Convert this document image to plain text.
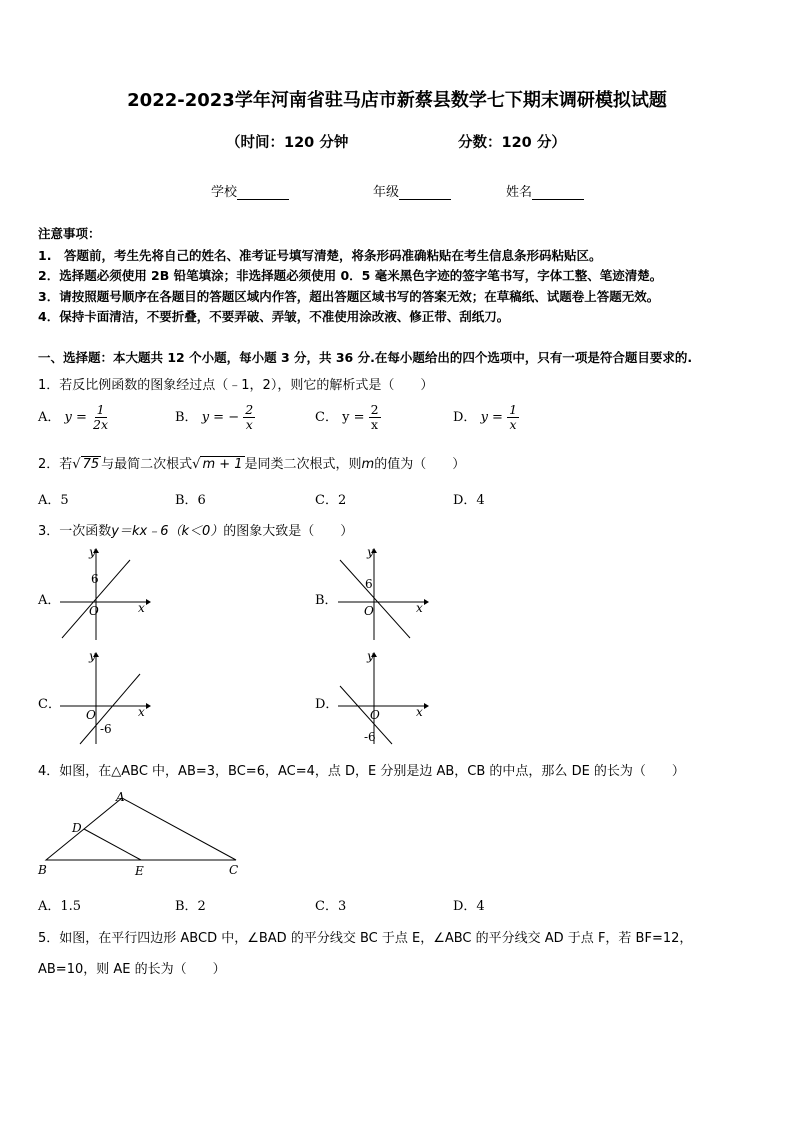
2022-2023学年河南省驻马店市新蔡县数学七下期末调研模拟试题
（时间：120 分钟	分数：120 分）
学校	年级	姓名
注意事项：
1.　答题前，考生先将自己的姓名、准考证号填写清楚，将条形码准确粘贴在考生信息条形码粘贴区。
2．选择题必须使用 2B 铅笔填涂；非选择题必须使用 0．5 毫米黑色字迹的签字笔书写，字体工整、笔迹清楚。
3．请按照题号顺序在各题目的答题区域内作答，超出答题区域书写的答案无效；在草稿纸、试题卷上答题无效。
4．保持卡面清洁，不要折叠，不要弄破、弄皱，不准使用涂改液、修正带、刮纸刀。
一、选择题：本大题共 12 个小题，每小题 3 分，共 36 分.在每小题给出的四个选项中，只有一项是符合题目要求的.
1．若反比例函数的图象经过点（﹣1，2），则它的解析式是（　　）
A． $y = \frac{1}{2x}$	B． y = − $\frac{2}{x}$	C． $y = \frac{2}{x}$	D． $y = \frac{1}{x}$
2．若√ 75 与最简二次根式√ m + 1 是同类二次根式，则m的值为（　　）
A．5	B．6	C．2	D．4
3．一次函数y＝kx﹣6（k＜0）的图象大致是（　　）
A．	x
y
O
6
B．	x
y
O
6
C．	x
y
O
-6
D．	x
y
O
-6
4．如图，在△ABC 中，AB=3，BC=6，AC=4，点 D，E 分别是边 AB，CB 的中点，那么 DE 的长为（　　）
A
B	C
D
E
A．1.5	B．2	C．3	D．4
5．如图，在平行四边形 ABCD 中，∠BAD 的平分线交 BC 于点 E，∠ABC 的平分线交 AD 于点 F，若 BF=12，
AB=10，则 AE 的长为（　　）
